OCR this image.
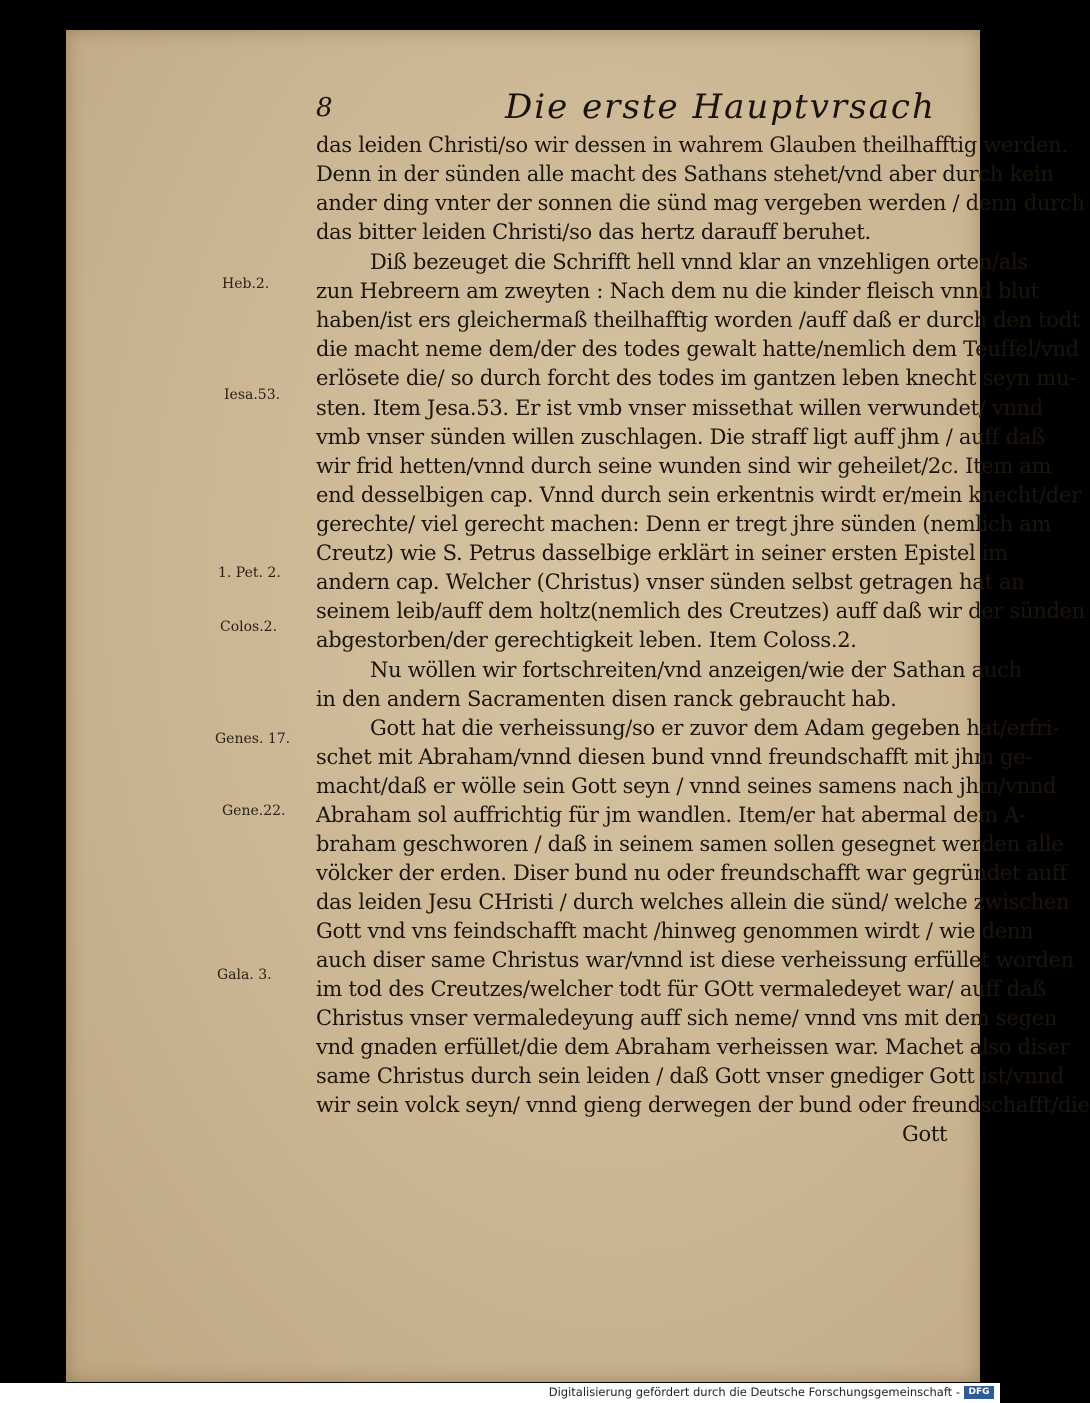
8	Die erste Hauptvrsach
das leiden Christi/so wir dessen in wahrem Glauben theilhafftig werden.
Denn in der sünden alle macht des Sathans stehet/vnd aber durch kein
ander ding vnter der sonnen die sünd mag vergeben werden / denn durch
das bitter leiden Christi/so das hertz darauff beruhet.
Diß bezeuget die Schrifft hell vnnd klar an vnzehligen orten/als
zun Hebreern am zweyten : Nach dem nu die kinder fleisch vnnd blut
haben/ist ers gleichermaß theilhafftig worden /auff daß er durch den todt
die macht neme dem/der des todes gewalt hatte/nemlich dem Teuffel/vnd
erlösete die/ so durch forcht des todes im gantzen leben knecht seyn mu-
sten. Item Jesa.53. Er ist vmb vnser missethat willen verwundet/ vnnd
vmb vnser sünden willen zuschlagen. Die straff ligt auff jhm / auff daß
wir frid hetten/vnnd durch seine wunden sind wir geheilet/2c. Item am
end desselbigen cap. Vnnd durch sein erkentnis wirdt er/mein knecht/der
gerechte/ viel gerecht machen: Denn er tregt jhre sünden (nemlich am
Creutz) wie S. Petrus dasselbige erklärt in seiner ersten Epistel im
andern cap. Welcher (Christus) vnser sünden selbst getragen hat an
seinem leib/auff dem holtz(nemlich des Creutzes) auff daß wir der sünden
abgestorben/der gerechtigkeit leben. Item Coloss.2.
Nu wöllen wir fortschreiten/vnd anzeigen/wie der Sathan auch
in den andern Sacramenten disen ranck gebraucht hab.
Gott hat die verheissung/so er zuvor dem Adam gegeben hat/erfri-
schet mit Abraham/vnnd diesen bund vnnd freundschafft mit jhm ge-
macht/daß er wölle sein Gott seyn / vnnd seines samens nach jhm/vnnd
Abraham sol auffrichtig für jm wandlen. Item/er hat abermal dem A-
braham geschworen / daß in seinem samen sollen gesegnet werden alle
völcker der erden. Diser bund nu oder freundschafft war gegründet auff
das leiden Jesu CHristi / durch welches allein die sünd/ welche zwischen
Gott vnd vns feindschafft macht /hinweg genommen wirdt / wie denn
auch diser same Christus war/vnnd ist diese verheissung erfüllet worden
im tod des Creutzes/welcher todt für GOtt vermaledeyet war/ auff daß
Christus vnser vermaledeyung auff sich neme/ vnnd vns mit dem segen
vnd gnaden erfüllet/die dem Abraham verheissen war. Machet also diser
same Christus durch sein leiden / daß Gott vnser gnediger Gott ist/vnnd
wir sein volck seyn/ vnnd gieng derwegen der bund oder freundschafft/die
Gott
Heb.2.
Iesa.53.
1. Pet. 2.
Colos.2.
Genes. 17.
Gene.22.
Gala. 3.
Digitalisierung gefördert durch die Deutsche Forschungsgemeinschaft - DFG
